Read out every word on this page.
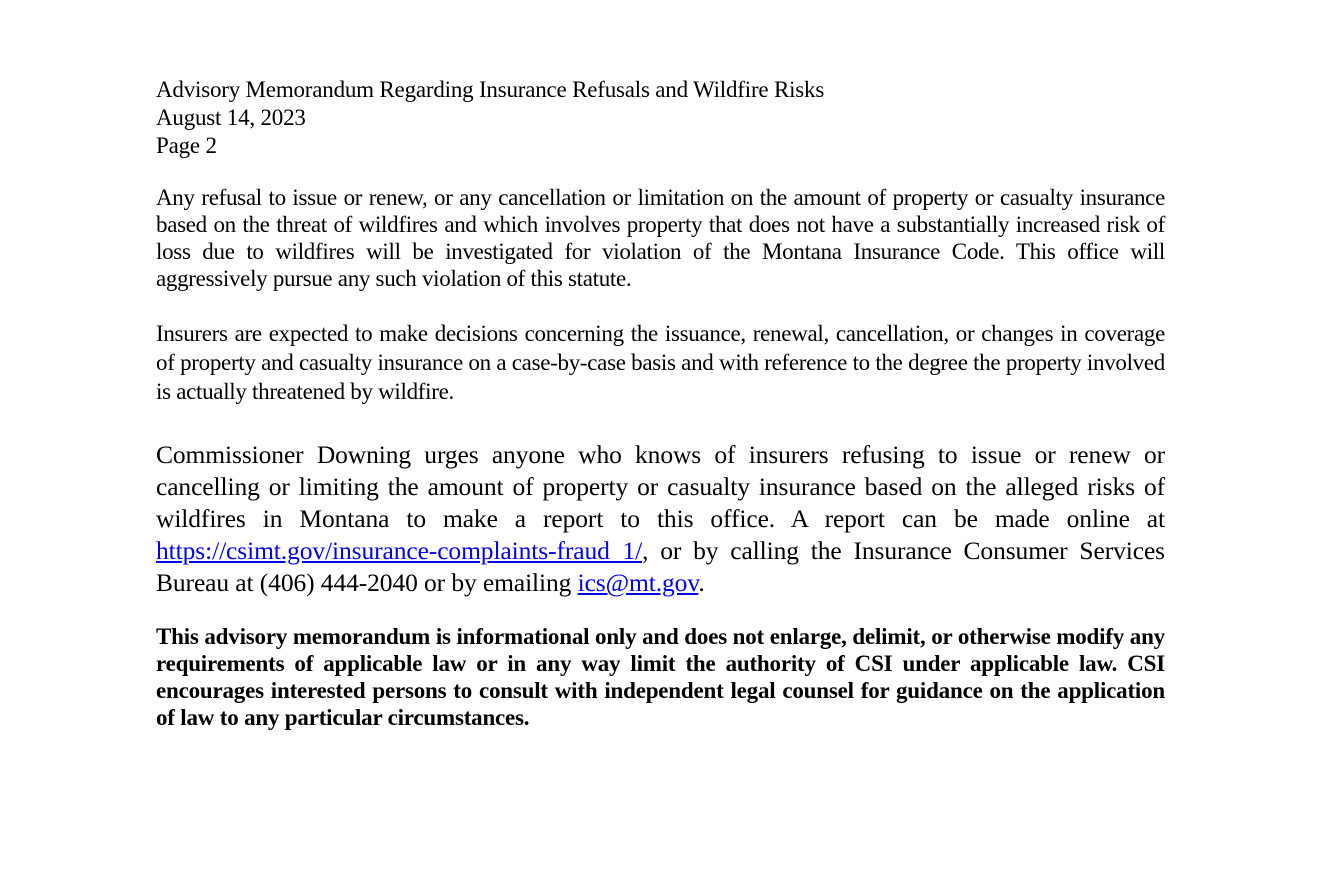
Advisory Memorandum Regarding Insurance Refusals and Wildfire Risks
August 14, 2023
Page 2

Any refusal to issue or renew, or any cancellation or limitation on the amount of property or casualty insurance based on the threat of wildfires and which involves property that does not have a substantially increased risk of loss due to wildfires will be investigated for violation of the Montana Insurance Code. This office will aggressively pursue any such violation of this statute.

Insurers are expected to make decisions concerning the issuance, renewal, cancellation, or changes in coverage of property and casualty insurance on a case-by-case basis and with reference to the degree the property involved is actually threatened by wildfire.

Commissioner Downing urges anyone who knows of insurers refusing to issue or renew or cancelling or limiting the amount of property or casualty insurance based on the alleged risks of wildfires in Montana to make a report to this office. A report can be made online at https://csimt.gov/insurance-complaints-fraud_1/, or by calling the Insurance Consumer Services Bureau at (406) 444-2040 or by emailing ics@mt.gov.

This advisory memorandum is informational only and does not enlarge, delimit, or otherwise modify any requirements of applicable law or in any way limit the authority of CSI under applicable law. CSI encourages interested persons to consult with independent legal counsel for guidance on the application of law to any particular circumstances.
